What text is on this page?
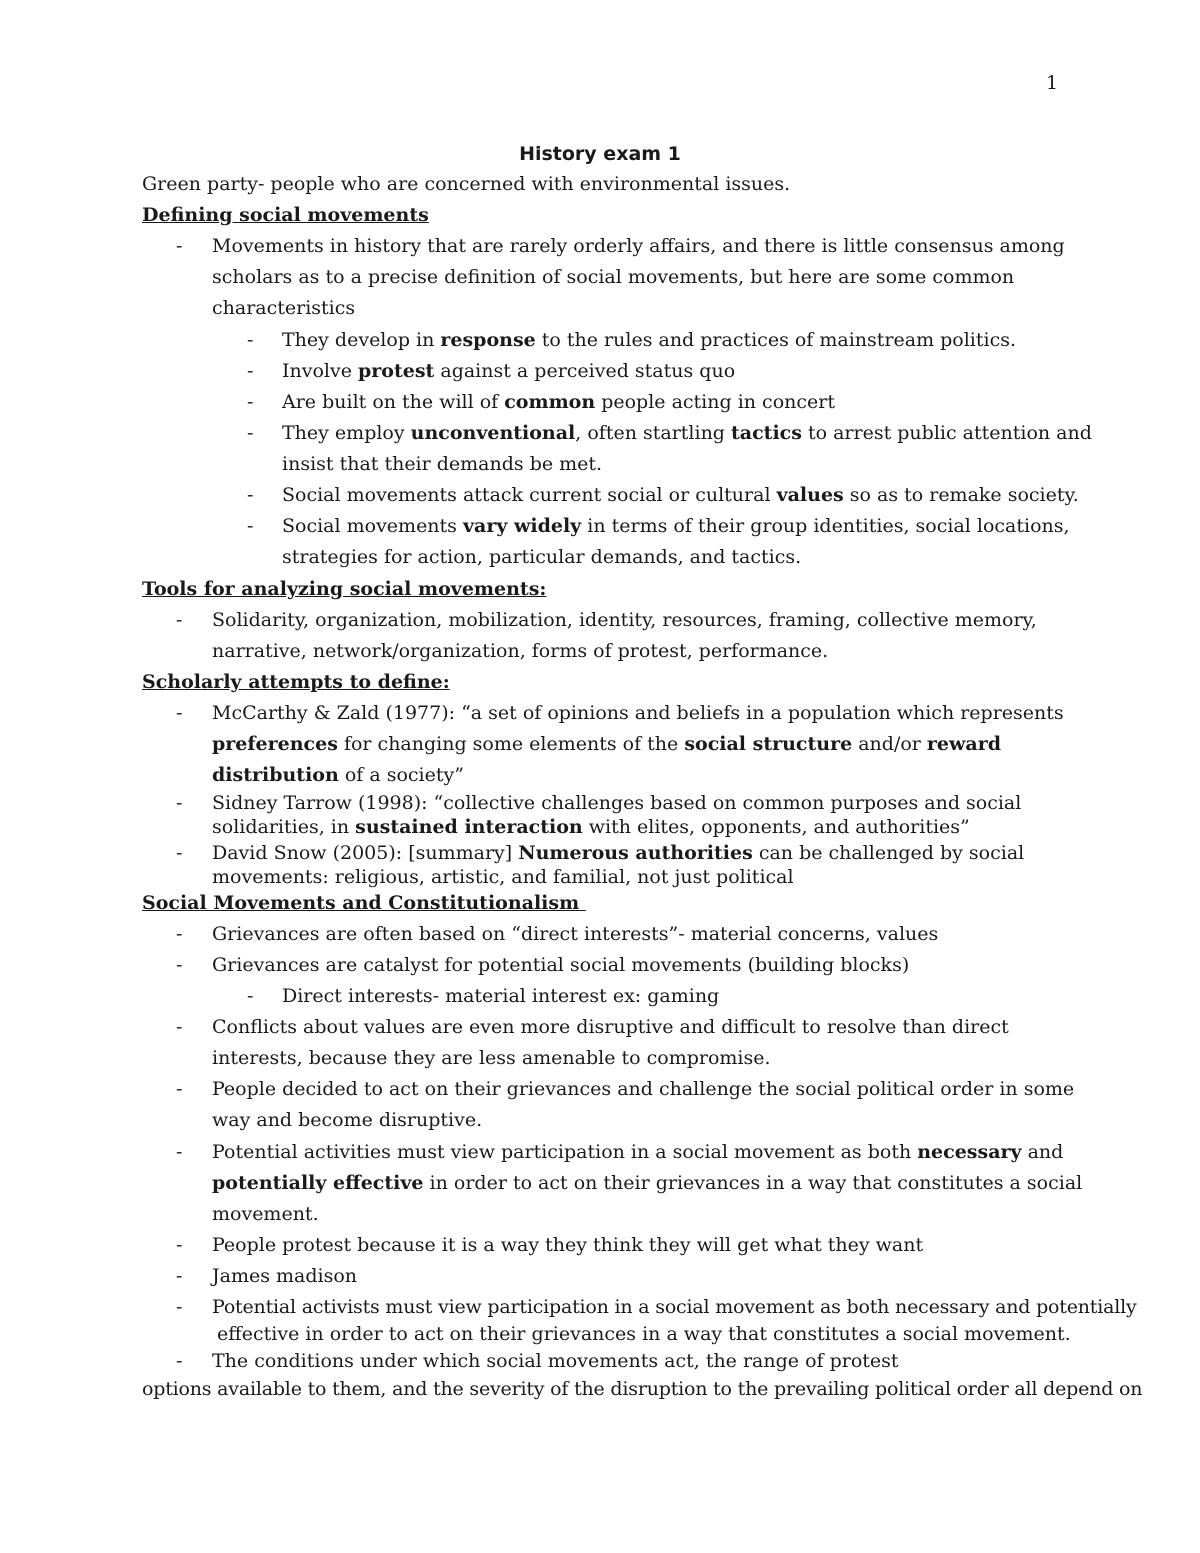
1
History exam 1
Green party- people who are concerned with environmental issues.
Defining social movements
- Movements in history that are rarely orderly affairs, and there is little consensus among
scholars as to a precise definition of social movements, but here are some common
characteristics
- They develop in response to the rules and practices of mainstream politics.
- Involve protest against a perceived status quo
- Are built on the will of common people acting in concert
- They employ unconventional, often startling tactics to arrest public attention and
insist that their demands be met.
- Social movements attack current social or cultural values so as to remake society.
- Social movements vary widely in terms of their group identities, social locations,
strategies for action, particular demands, and tactics.
Tools for analyzing social movements:
- Solidarity, organization, mobilization, identity, resources, framing, collective memory,
narrative, network/organization, forms of protest, performance.
Scholarly attempts to define:
- McCarthy & Zald (1977): “a set of opinions and beliefs in a population which represents
preferences for changing some elements of the social structure and/or reward
distribution of a society”
- Sidney Tarrow (1998): “collective challenges based on common purposes and social
solidarities, in sustained interaction with elites, opponents, and authorities”
- David Snow (2005): [summary] Numerous authorities can be challenged by social
movements: religious, artistic, and familial, not just political
Social Movements and Constitutionalism
- Grievances are often based on “direct interests”- material concerns, values
- Grievances are catalyst for potential social movements (building blocks)
- Direct interests- material interest ex: gaming
- Conflicts about values are even more disruptive and difficult to resolve than direct
interests, because they are less amenable to compromise.
- People decided to act on their grievances and challenge the social political order in some
way and become disruptive.
- Potential activities must view participation in a social movement as both necessary and
potentially effective in order to act on their grievances in a way that constitutes a social
movement.
- People protest because it is a way they think they will get what they want
- James madison
- Potential activists must view participation in a social movement as both necessary and potentially
effective in order to act on their grievances in a way that constitutes a social movement.
- The conditions under which social movements act, the range of protest
options available to them, and the severity of the disruption to the prevailing political order all depend on
